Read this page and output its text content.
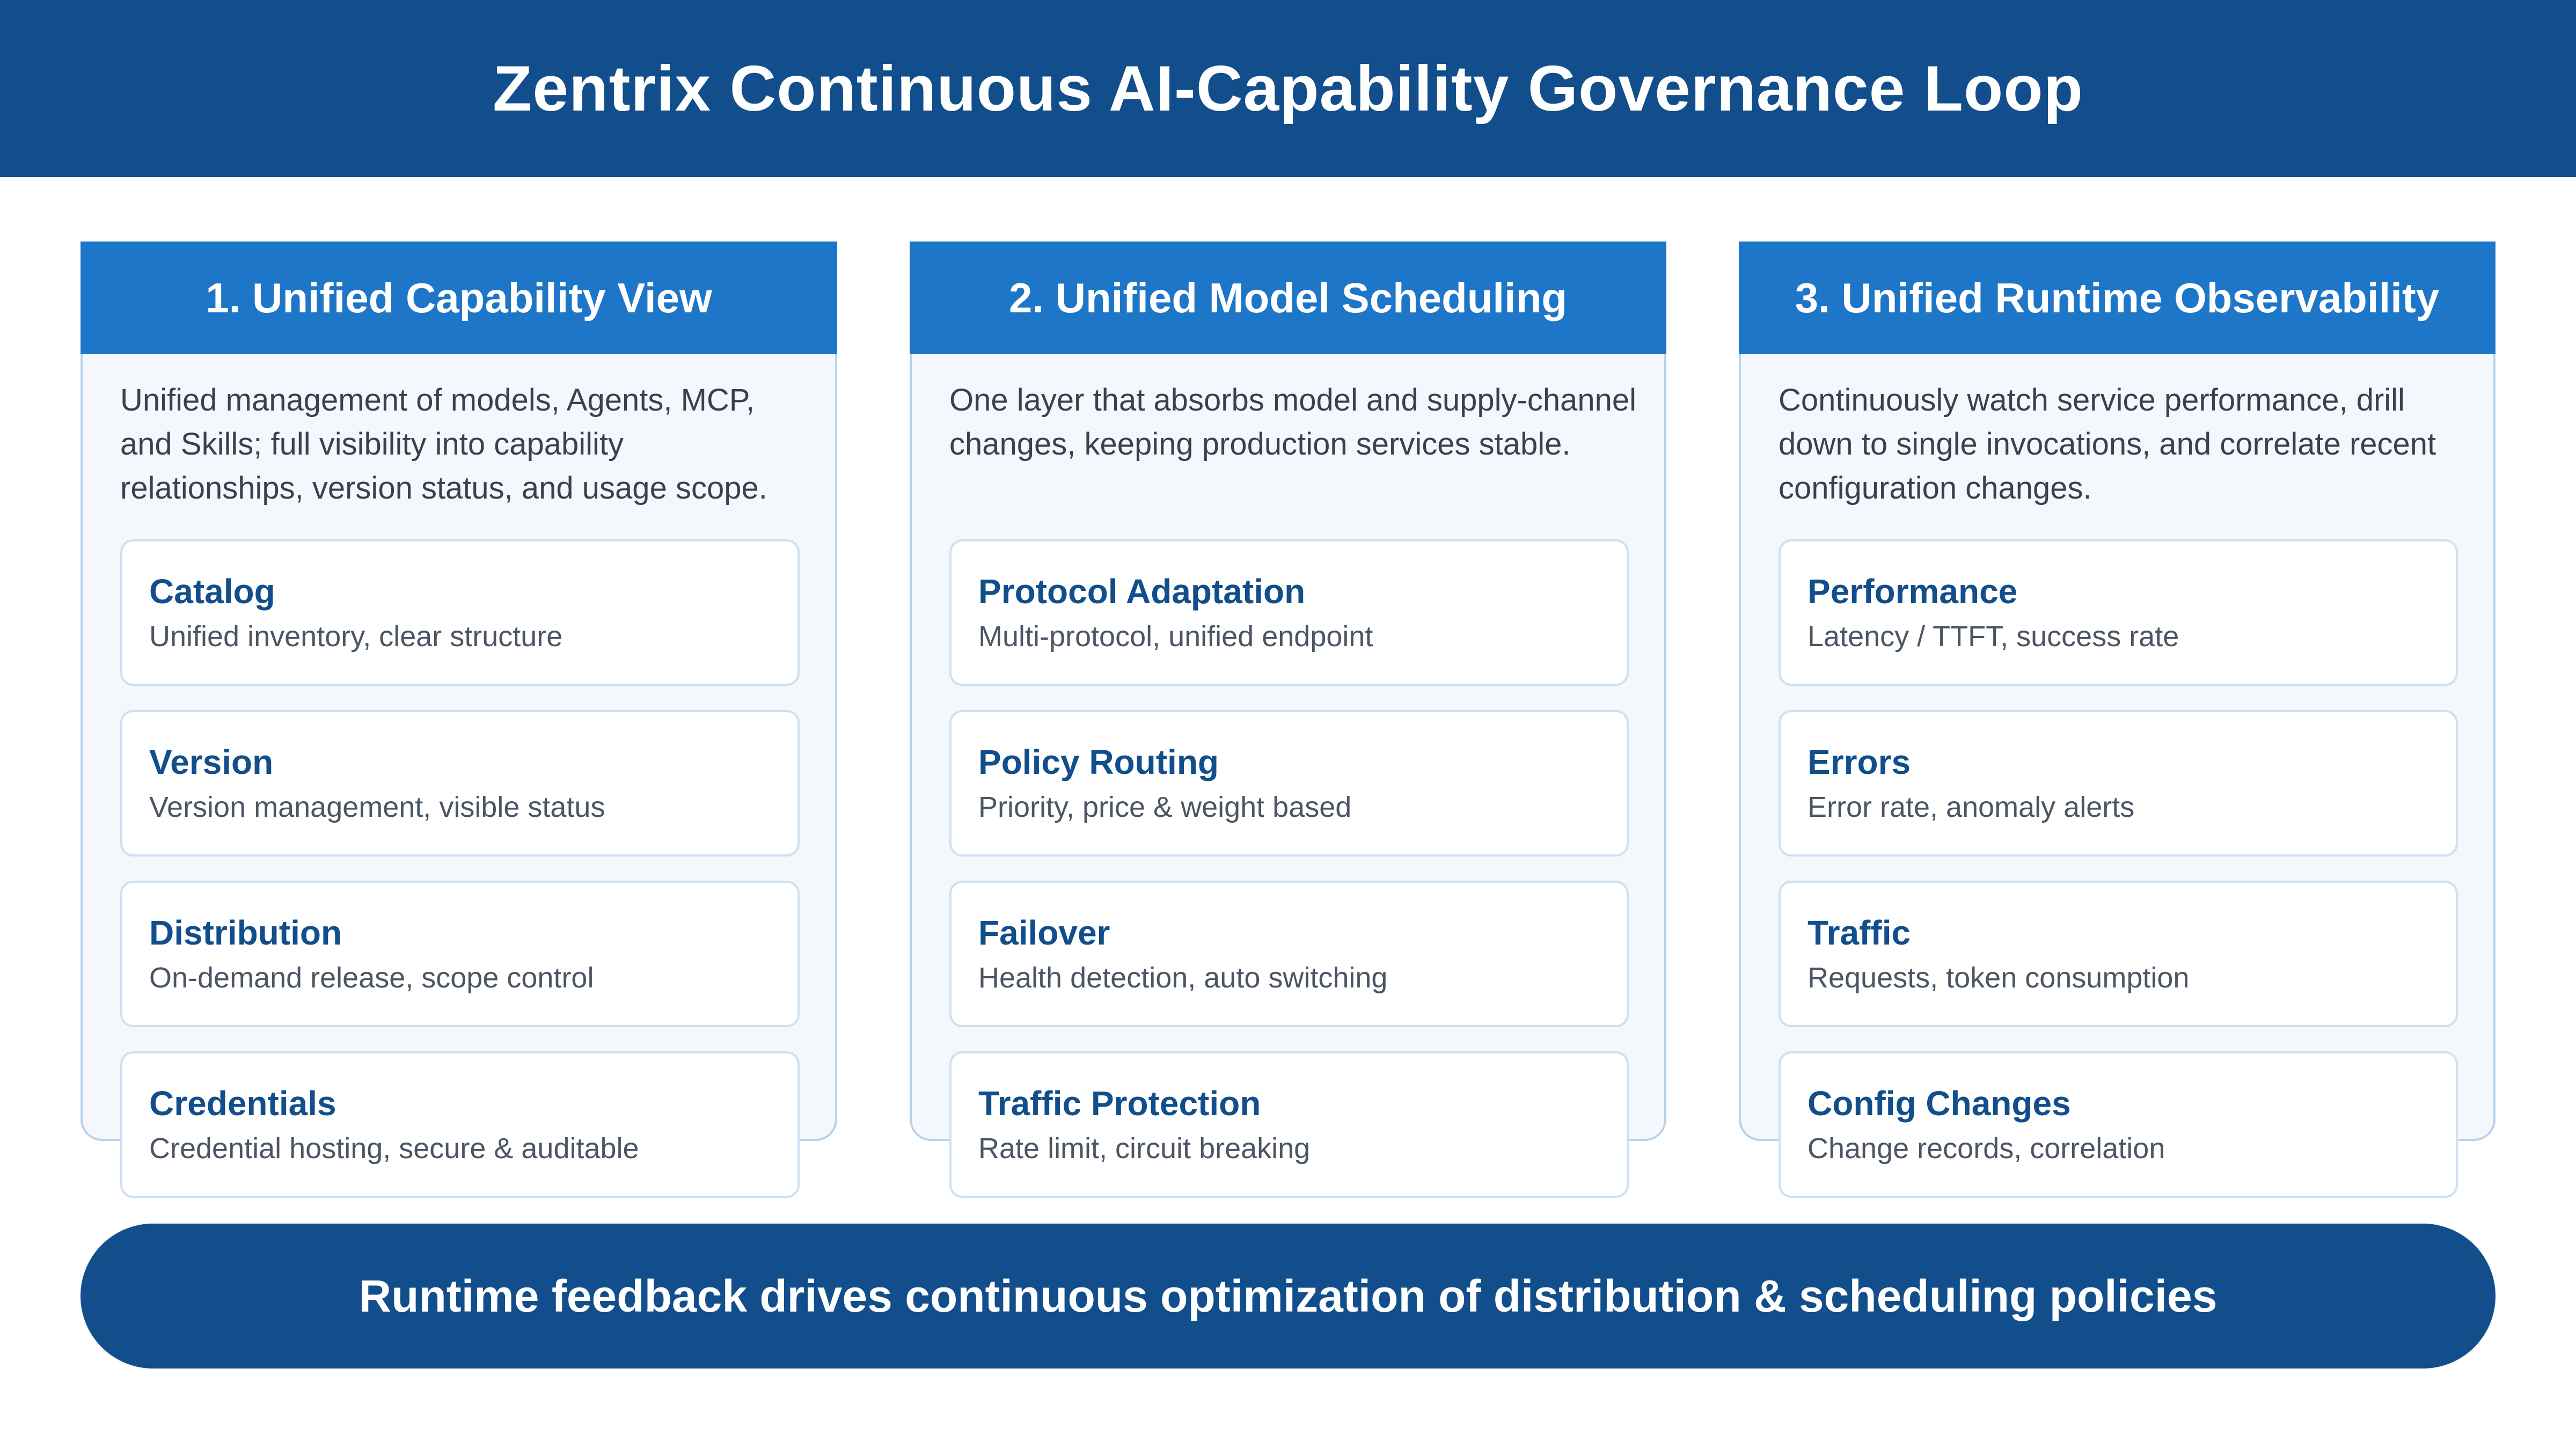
Zentrix Continuous AI-Capability Governance Loop
1. Unified Capability View
Unified management of models, Agents, MCP, and Skills; full visibility into capability relationships, version status, and usage scope.
Catalog
Unified inventory, clear structure
Version
Version management, visible status
Distribution
On-demand release, scope control
Credentials
Credential hosting, secure & auditable
2. Unified Model Scheduling
One layer that absorbs model and supply-channel changes, keeping production services stable.
Protocol Adaptation
Multi-protocol, unified endpoint
Policy Routing
Priority, price & weight based
Failover
Health detection, auto switching
Traffic Protection
Rate limit, circuit breaking
3. Unified Runtime Observability
Continuously watch service performance, drill down to single invocations, and correlate recent configuration changes.
Performance
Latency / TTFT, success rate
Errors
Error rate, anomaly alerts
Traffic
Requests, token consumption
Config Changes
Change records, correlation
Runtime feedback drives continuous optimization of distribution & scheduling policies
